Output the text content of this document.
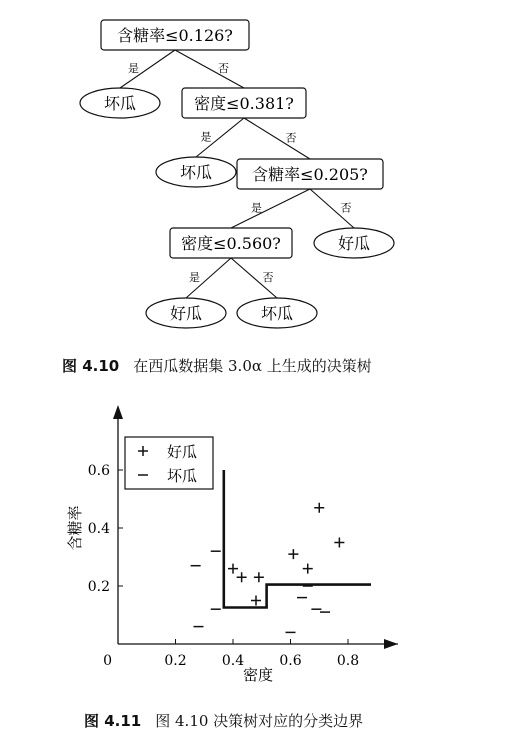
是	否
是	否
是	否
是	否
含糖率≤0.126?
坏瓜	密度≤0.381?
坏瓜	含糖率≤0.205?
密度≤0.560?	好瓜
好瓜	坏瓜
图 4.10 在西瓜数据集 3.0α 上生成的决策树
0.2	0.4	0.6	0.8
0.2
0.4
0.6
0
密度
含糖率
好瓜
坏瓜
图 4.11 图 4.10 决策树对应的分类边界
